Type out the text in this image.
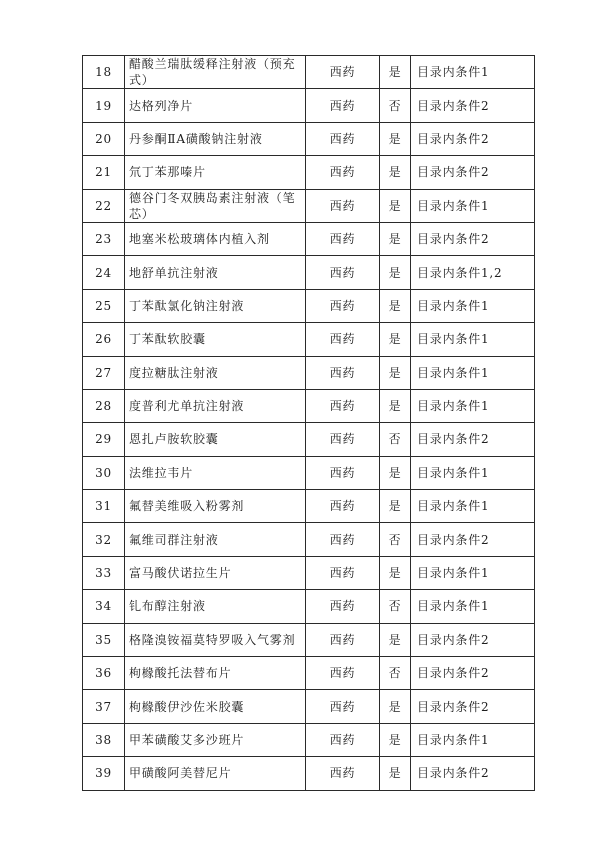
18	醋酸兰瑞肽缓释注射液（预充式）	西药	是	目录内条件1
19	达格列净片	西药	否	目录内条件2
20	丹参酮ⅡA磺酸钠注射液	西药	是	目录内条件2
21	氘丁苯那嗪片	西药	是	目录内条件2
22	德谷门冬双胰岛素注射液（笔芯）	西药	是	目录内条件1
23	地塞米松玻璃体内植入剂	西药	是	目录内条件2
24	地舒单抗注射液	西药	是	目录内条件1,2
25	丁苯酞氯化钠注射液	西药	是	目录内条件1
26	丁苯酞软胶囊	西药	是	目录内条件1
27	度拉糖肽注射液	西药	是	目录内条件1
28	度普利尤单抗注射液	西药	是	目录内条件1
29	恩扎卢胺软胶囊	西药	否	目录内条件2
30	法维拉韦片	西药	是	目录内条件1
31	氟替美维吸入粉雾剂	西药	是	目录内条件1
32	氟维司群注射液	西药	否	目录内条件2
33	富马酸伏诺拉生片	西药	是	目录内条件1
34	钆布醇注射液	西药	否	目录内条件1
35	格隆溴铵福莫特罗吸入气雾剂	西药	是	目录内条件2
36	枸橼酸托法替布片	西药	否	目录内条件2
37	枸橼酸伊沙佐米胶囊	西药	是	目录内条件2
38	甲苯磺酸艾多沙班片	西药	是	目录内条件1
39	甲磺酸阿美替尼片	西药	是	目录内条件2
